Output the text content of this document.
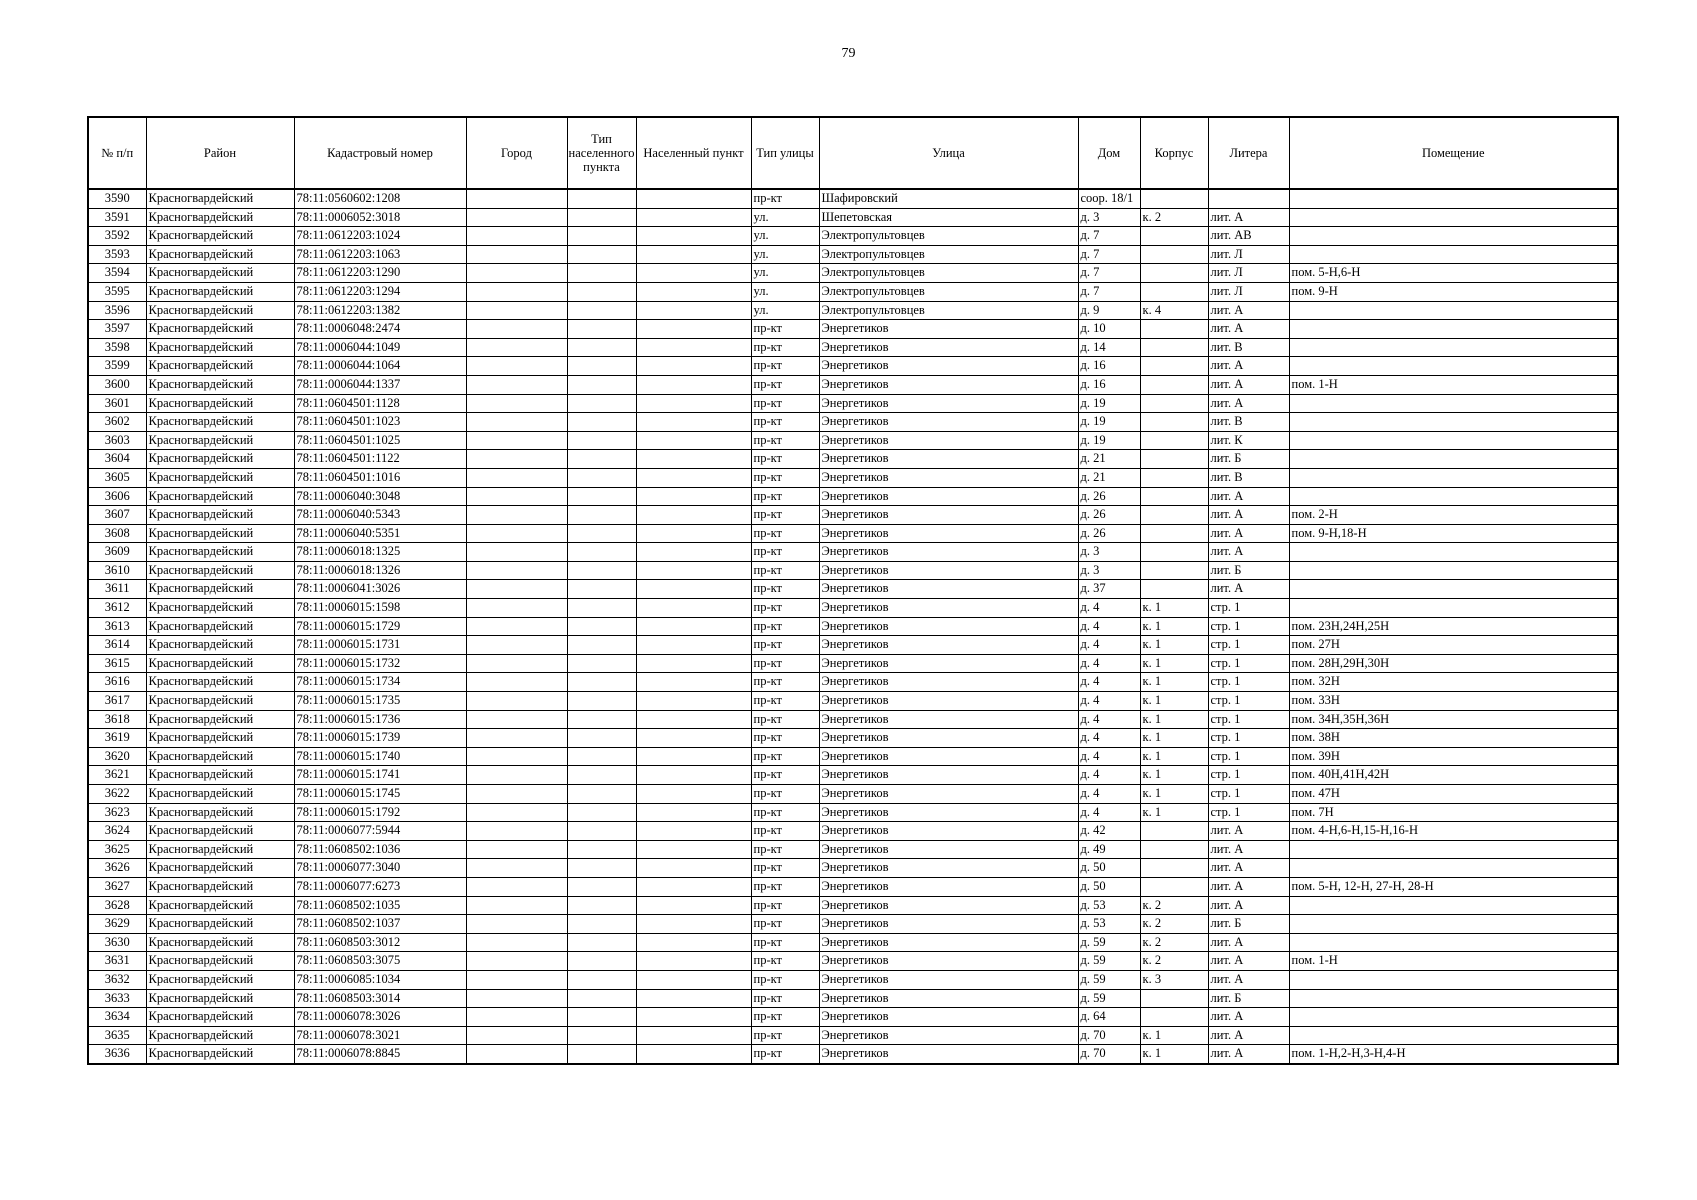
79
№ п/п	Район	Кадастровый номер	Город	Тип населенного пункта	Населенный пункт	Тип улицы	Улица	Дом	Корпус	Литера	Помещение
3590	Красногвардейский	78:11:0560602:1208				пр-кт	Шафировский	соор. 18/1			
3591	Красногвардейский	78:11:0006052:3018				ул.	Шепетовская	д. 3	к. 2	лит. А	
3592	Красногвардейский	78:11:0612203:1024				ул.	Электропультовцев	д. 7		лит. АВ	
3593	Красногвардейский	78:11:0612203:1063				ул.	Электропультовцев	д. 7		лит. Л	
3594	Красногвардейский	78:11:0612203:1290				ул.	Электропультовцев	д. 7		лит. Л	пом. 5-Н,6-Н
3595	Красногвардейский	78:11:0612203:1294				ул.	Электропультовцев	д. 7		лит. Л	пом. 9-Н
3596	Красногвардейский	78:11:0612203:1382				ул.	Электропультовцев	д. 9	к. 4	лит. А	
3597	Красногвардейский	78:11:0006048:2474				пр-кт	Энергетиков	д. 10		лит. А	
3598	Красногвардейский	78:11:0006044:1049				пр-кт	Энергетиков	д. 14		лит. В	
3599	Красногвардейский	78:11:0006044:1064				пр-кт	Энергетиков	д. 16		лит. А	
3600	Красногвардейский	78:11:0006044:1337				пр-кт	Энергетиков	д. 16		лит. А	пом. 1-Н
3601	Красногвардейский	78:11:0604501:1128				пр-кт	Энергетиков	д. 19		лит. А	
3602	Красногвардейский	78:11:0604501:1023				пр-кт	Энергетиков	д. 19		лит. В	
3603	Красногвардейский	78:11:0604501:1025				пр-кт	Энергетиков	д. 19		лит. К	
3604	Красногвардейский	78:11:0604501:1122				пр-кт	Энергетиков	д. 21		лит. Б	
3605	Красногвардейский	78:11:0604501:1016				пр-кт	Энергетиков	д. 21		лит. В	
3606	Красногвардейский	78:11:0006040:3048				пр-кт	Энергетиков	д. 26		лит. А	
3607	Красногвардейский	78:11:0006040:5343				пр-кт	Энергетиков	д. 26		лит. А	пом. 2-Н
3608	Красногвардейский	78:11:0006040:5351				пр-кт	Энергетиков	д. 26		лит. А	пом. 9-Н,18-Н
3609	Красногвардейский	78:11:0006018:1325				пр-кт	Энергетиков	д. 3		лит. А	
3610	Красногвардейский	78:11:0006018:1326				пр-кт	Энергетиков	д. 3		лит. Б	
3611	Красногвардейский	78:11:0006041:3026				пр-кт	Энергетиков	д. 37		лит. А	
3612	Красногвардейский	78:11:0006015:1598				пр-кт	Энергетиков	д. 4	к. 1	стр. 1	
3613	Красногвардейский	78:11:0006015:1729				пр-кт	Энергетиков	д. 4	к. 1	стр. 1	пом. 23Н,24Н,25Н
3614	Красногвардейский	78:11:0006015:1731				пр-кт	Энергетиков	д. 4	к. 1	стр. 1	пом. 27Н
3615	Красногвардейский	78:11:0006015:1732				пр-кт	Энергетиков	д. 4	к. 1	стр. 1	пом. 28Н,29Н,30Н
3616	Красногвардейский	78:11:0006015:1734				пр-кт	Энергетиков	д. 4	к. 1	стр. 1	пом. 32Н
3617	Красногвардейский	78:11:0006015:1735				пр-кт	Энергетиков	д. 4	к. 1	стр. 1	пом. 33Н
3618	Красногвардейский	78:11:0006015:1736				пр-кт	Энергетиков	д. 4	к. 1	стр. 1	пом. 34Н,35Н,36Н
3619	Красногвардейский	78:11:0006015:1739				пр-кт	Энергетиков	д. 4	к. 1	стр. 1	пом. 38Н
3620	Красногвардейский	78:11:0006015:1740				пр-кт	Энергетиков	д. 4	к. 1	стр. 1	пом. 39Н
3621	Красногвардейский	78:11:0006015:1741				пр-кт	Энергетиков	д. 4	к. 1	стр. 1	пом. 40Н,41Н,42Н
3622	Красногвардейский	78:11:0006015:1745				пр-кт	Энергетиков	д. 4	к. 1	стр. 1	пом. 47Н
3623	Красногвардейский	78:11:0006015:1792				пр-кт	Энергетиков	д. 4	к. 1	стр. 1	пом. 7Н
3624	Красногвардейский	78:11:0006077:5944				пр-кт	Энергетиков	д. 42		лит. А	пом. 4-Н,6-Н,15-Н,16-Н
3625	Красногвардейский	78:11:0608502:1036				пр-кт	Энергетиков	д. 49		лит. А	
3626	Красногвардейский	78:11:0006077:3040				пр-кт	Энергетиков	д. 50		лит. А	
3627	Красногвардейский	78:11:0006077:6273				пр-кт	Энергетиков	д. 50		лит. А	пом. 5-Н, 12-Н, 27-Н, 28-Н
3628	Красногвардейский	78:11:0608502:1035				пр-кт	Энергетиков	д. 53	к. 2	лит. А	
3629	Красногвардейский	78:11:0608502:1037				пр-кт	Энергетиков	д. 53	к. 2	лит. Б	
3630	Красногвардейский	78:11:0608503:3012				пр-кт	Энергетиков	д. 59	к. 2	лит. А	
3631	Красногвардейский	78:11:0608503:3075				пр-кт	Энергетиков	д. 59	к. 2	лит. А	пом. 1-Н
3632	Красногвардейский	78:11:0006085:1034				пр-кт	Энергетиков	д. 59	к. 3	лит. А	
3633	Красногвардейский	78:11:0608503:3014				пр-кт	Энергетиков	д. 59		лит. Б	
3634	Красногвардейский	78:11:0006078:3026				пр-кт	Энергетиков	д. 64		лит. А	
3635	Красногвардейский	78:11:0006078:3021				пр-кт	Энергетиков	д. 70	к. 1	лит. А	
3636	Красногвардейский	78:11:0006078:8845				пр-кт	Энергетиков	д. 70	к. 1	лит. А	пом. 1-Н,2-Н,3-Н,4-Н
